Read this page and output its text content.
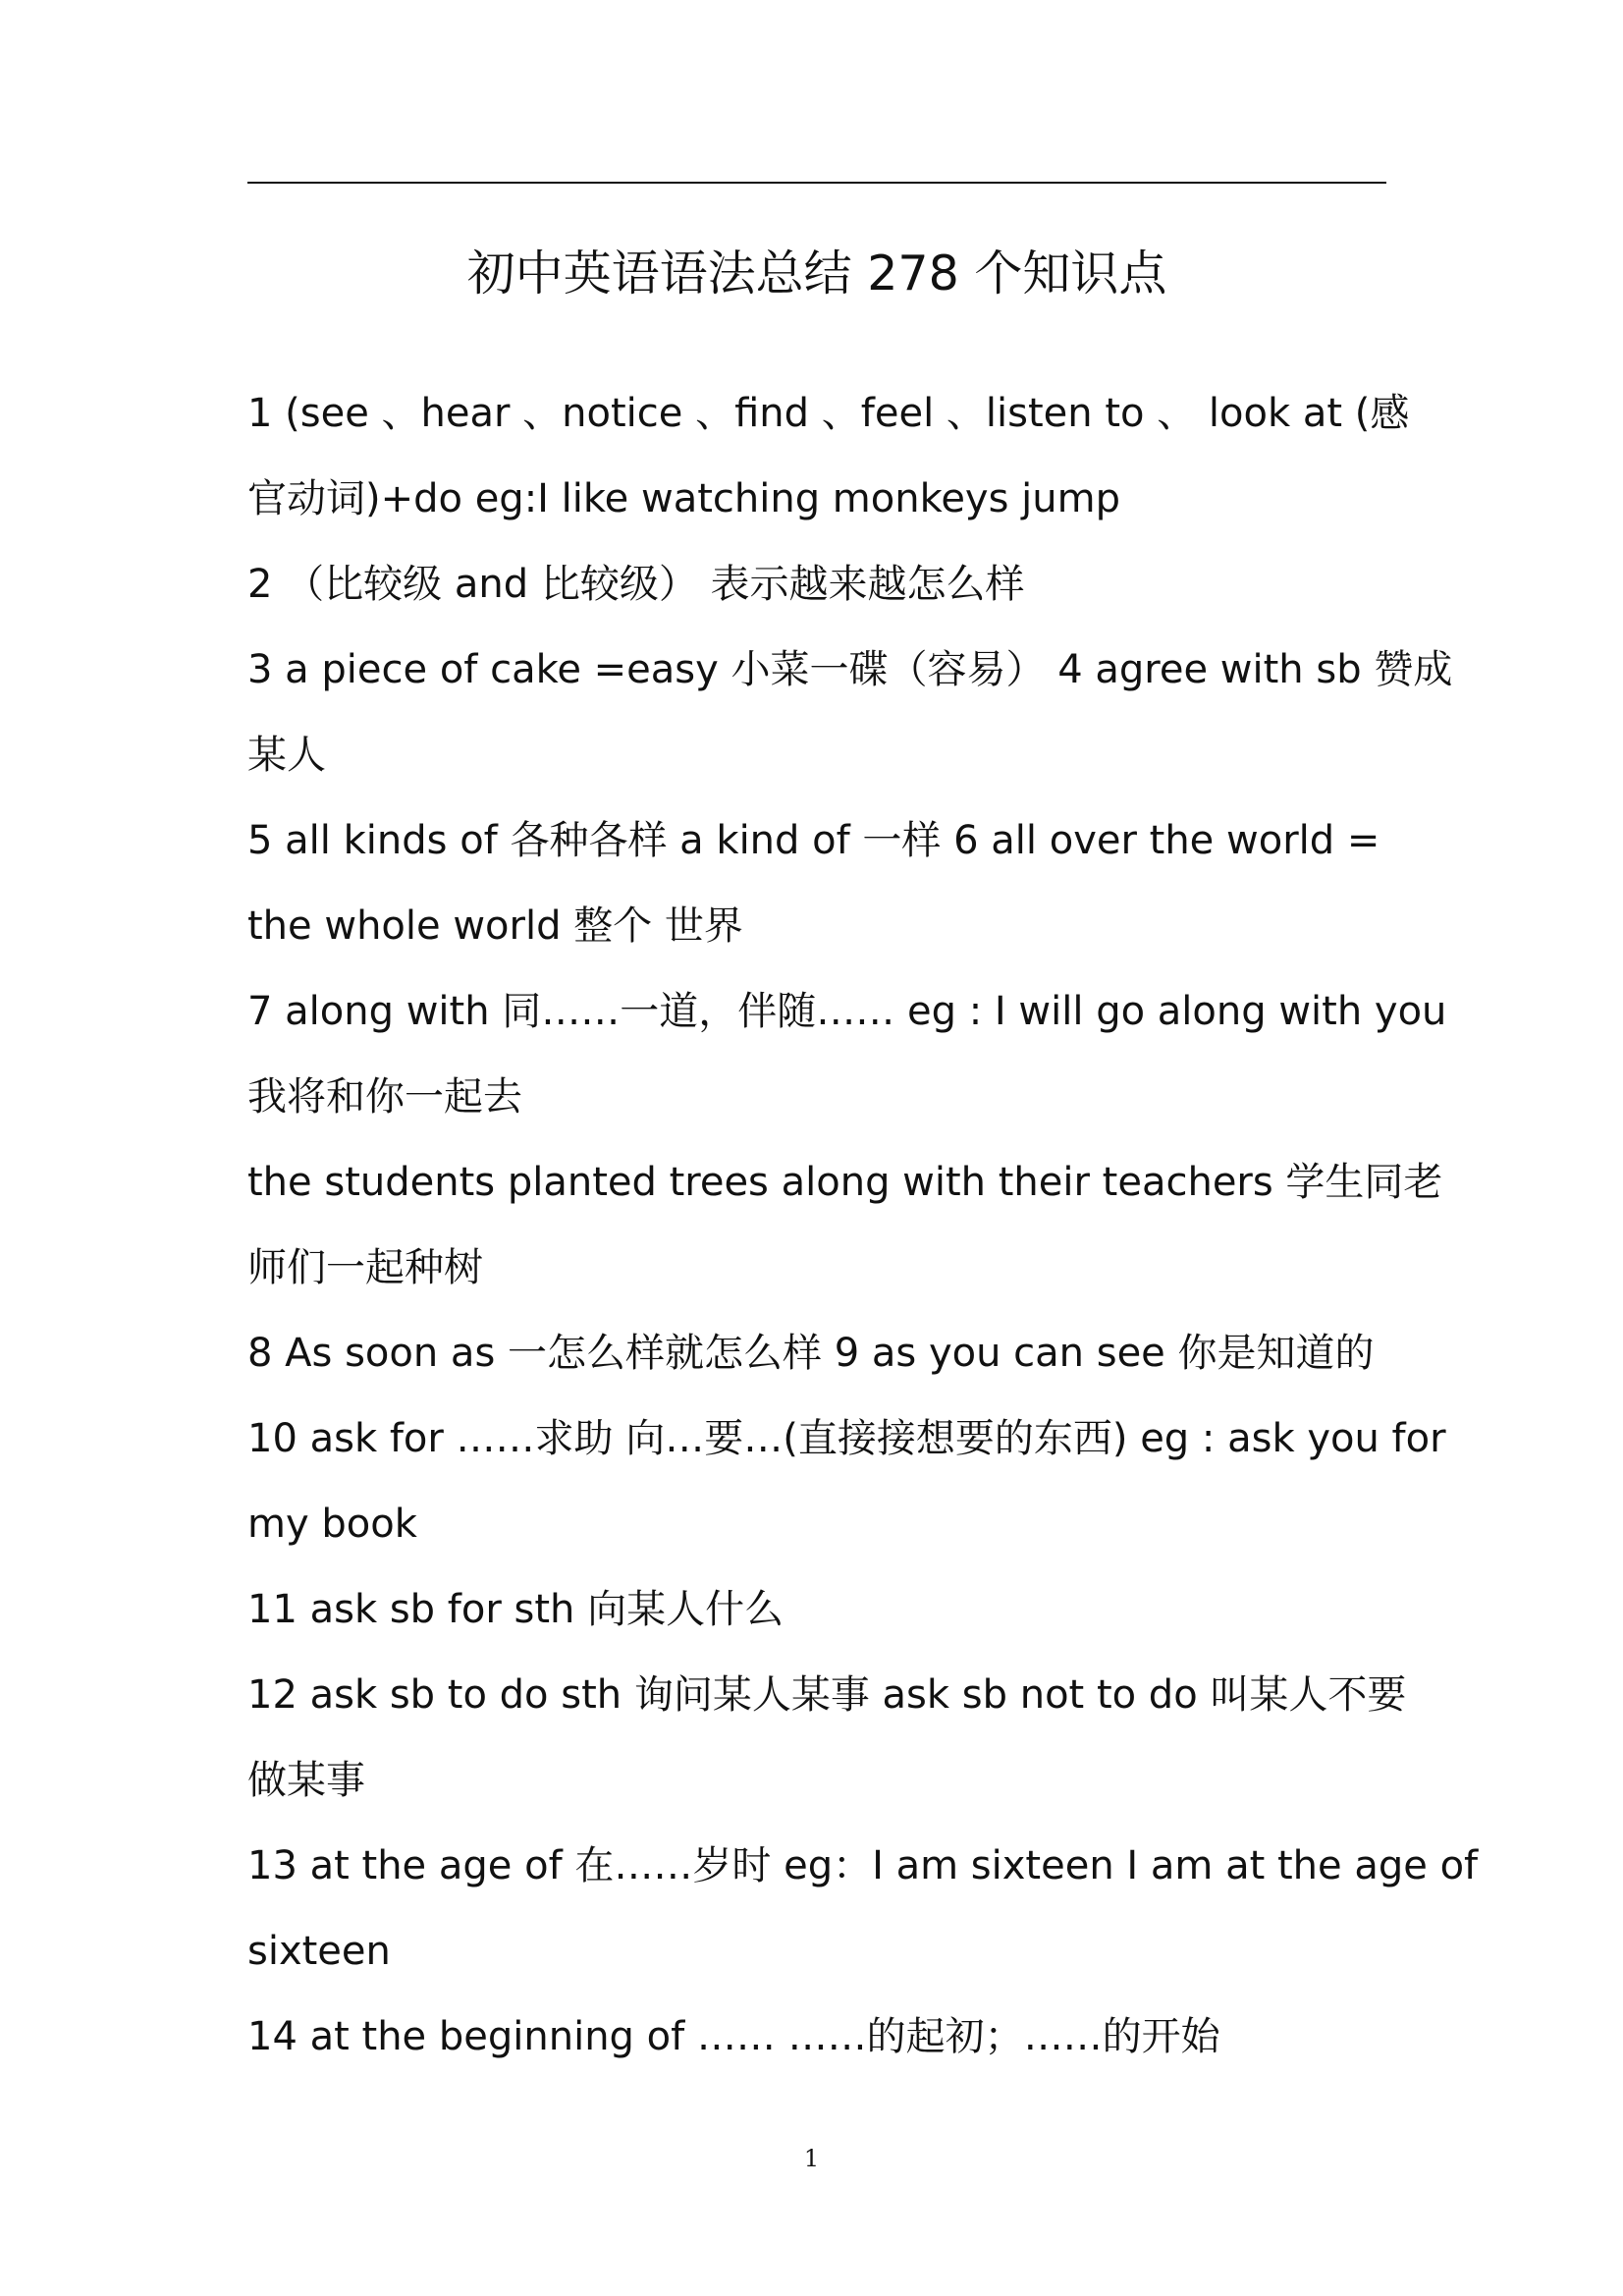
初中英语语法总结 278 个知识点
1 (see 、hear 、notice 、find 、feel 、listen to 、 look at (感
官动词)+do eg:I like watching monkeys jump
2 （比较级 and 比较级） 表示越来越怎么样
3 a piece of cake =easy 小菜一碟（容易） 4 agree with sb 赞成
某人
5 all kinds of 各种各样 a kind of 一样 6 all over the world =
the whole world 整个 世界
7 along with 同……一道，伴随…… eg : I will go along with you
我将和你一起去
the students planted trees along with their teachers 学生同老
师们一起种树
8 As soon as 一怎么样就怎么样 9 as you can see 你是知道的
10 ask for ……求助 向…要…(直接接想要的东西) eg : ask you for
my book
11 ask sb for sth 向某人什么
12 ask sb to do sth 询问某人某事 ask sb not to do 叫某人不要
做某事
13 at the age of 在……岁时 eg：I am sixteen I am at the age of
sixteen
14 at the beginning of …… ……的起初；……的开始
1
